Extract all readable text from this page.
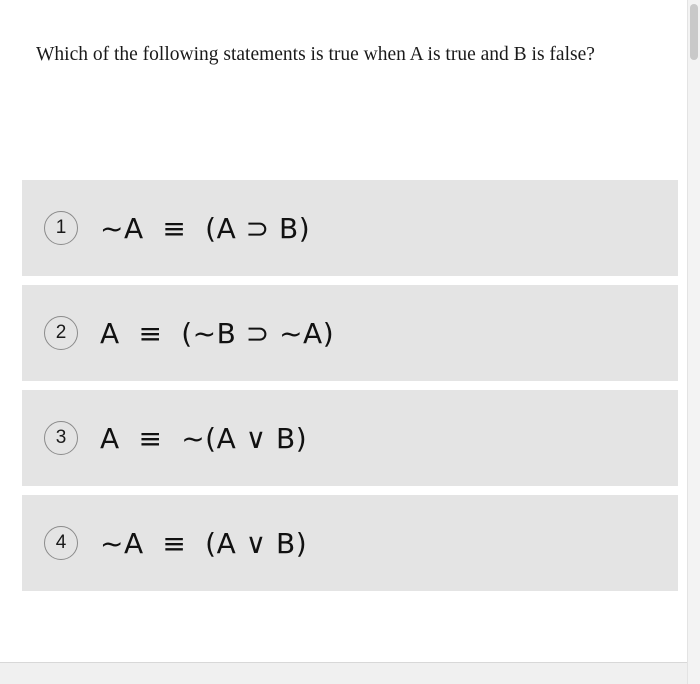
Which of the following statements is true when A is true and B is false?
1	~A  ≡  (A ⊃ B)
2	A  ≡  (~B ⊃ ~A)
3	A  ≡  ~(A ∨ B)
4	~A  ≡  (A ∨ B)
